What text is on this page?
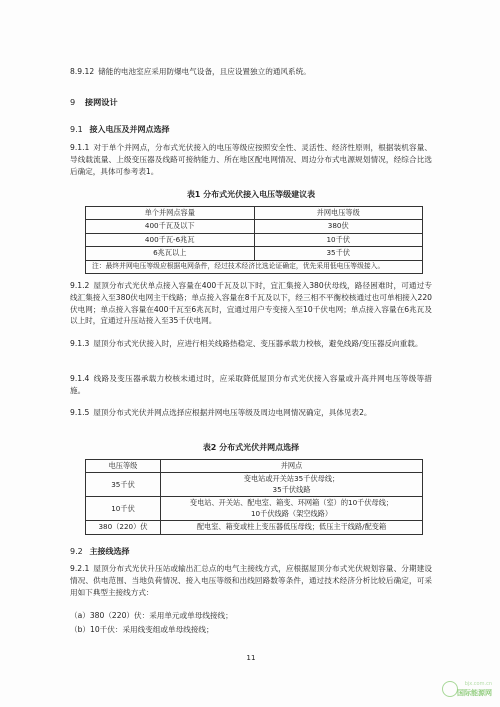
8.9.12 储能的电池室应采用防爆电气设备，且应设置独立的通风系统。

9 接网设计

9.1 接入电压及并网点选择

9.1.1 对于单个并网点，分布式光伏接入的电压等级应按照安全性、灵活性、经济性原则，根据装机容量、导线载流量、上级变压器及线路可接纳能力、所在地区配电网情况、周边分布式电源规划情况，经综合比选后确定，具体可参考表1。

表1 分布式光伏接入电压等级建议表
单个并网点容量	并网电压等级
400千瓦及以下	380伏
400千瓦-6兆瓦	10千伏
6兆瓦以上	35千伏
注：最终并网电压等级应根据电网条件，经过技术经济比选论证确定，优先采用低电压等级接入。	

9.1.2 屋顶分布式光伏单点接入容量在400千瓦及以下时，宜汇集接入380伏母线，路径困难时，可通过专线汇集接入至380伏电网主干线路；单点接入容量在8千瓦及以下，经三相不平衡校核通过也可单相接入220伏电网；单点接入容量在400千瓦至6兆瓦时，宜通过用户专变接入至10千伏电网；单点接入容量在6兆瓦及以上时，宜通过升压站接入至35千伏电网。

9.1.3 屋顶分布式光伏接入时，应进行相关线路热稳定、变压器承载力校核，避免线路/变压器反向重载。

9.1.4 线路及变压器承载力校核未通过时，应采取降低屋顶分布式光伏接入容量或升高并网电压等级等措施。

9.1.5 屋顶分布式光伏并网点选择应根据并网电压等级及周边电网情况确定，具体见表2。

表2 分布式光伏并网点选择
电压等级	并网点
35千伏	变电站或开关站35千伏母线；
35千伏线路

10千伏	变电站、开关站、配电室、箱变、环网箱（室）的10千伏母线；
10千伏线路（架空线路）

380（220）伏	配电室、箱变或柱上变压器低压母线；低压主干线路/配变箱

9.2 主接线选择

9.2.1 屋顶分布式光伏升压站或输出汇总点的电气主接线方式，应根据屋顶分布式光伏规划容量、分期建设情况、供电范围、当地负荷情况、接入电压等级和出线回路数等条件，通过技术经济分析比较后确定，可采用如下典型主接线方式：

（a）380（220）伏：采用单元或单母线接线；

（b）10千伏：采用线变组或单母线接线；

11
bjx.com.cn
国际能源网
